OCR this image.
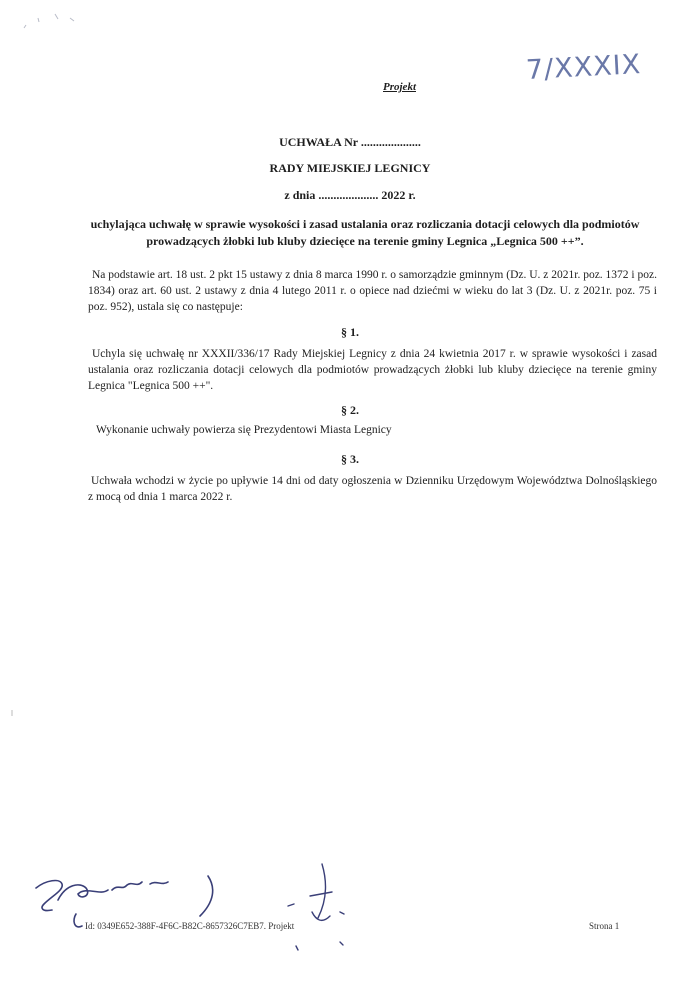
7/XXXIX
Projekt
UCHWAŁA Nr ....................
RADY MIEJSKIEJ LEGNICY
z dnia .................... 2022 r.
uchylająca uchwałę w sprawie wysokości i zasad ustalania oraz rozliczania dotacji celowych dla podmiotów prowadzących żłobki lub kluby dziecięce na terenie gminy Legnica „Legnica 500 ++”.
Na podstawie art. 18 ust. 2 pkt 15 ustawy z dnia 8 marca 1990 r. o samorządzie gminnym (Dz. U. z 2021r. poz. 1372 i poz. 1834) oraz art. 60 ust. 2 ustawy z dnia 4 lutego 2011 r. o opiece nad dziećmi w wieku do lat 3 (Dz. U. z 2021r. poz. 75 i poz. 952), ustala się co następuje:
§ 1.
Uchyla się uchwałę nr XXXII/336/17 Rady Miejskiej Legnicy z dnia 24 kwietnia 2017 r. w sprawie wysokości i zasad ustalania oraz rozliczania dotacji celowych dla podmiotów prowadzących żłobki lub kluby dziecięce na terenie gminy Legnica "Legnica 500 ++".
§ 2.
Wykonanie uchwały powierza się Prezydentowi Miasta Legnicy
§ 3.
Uchwała wchodzi w życie po upływie 14 dni od daty ogłoszenia w Dzienniku Urzędowym Województwa Dolnośląskiego z mocą od dnia 1 marca 2022 r.
Id: 0349E652-388F-4F6C-B82C-8657326C7EB7. Projekt	Strona 1
